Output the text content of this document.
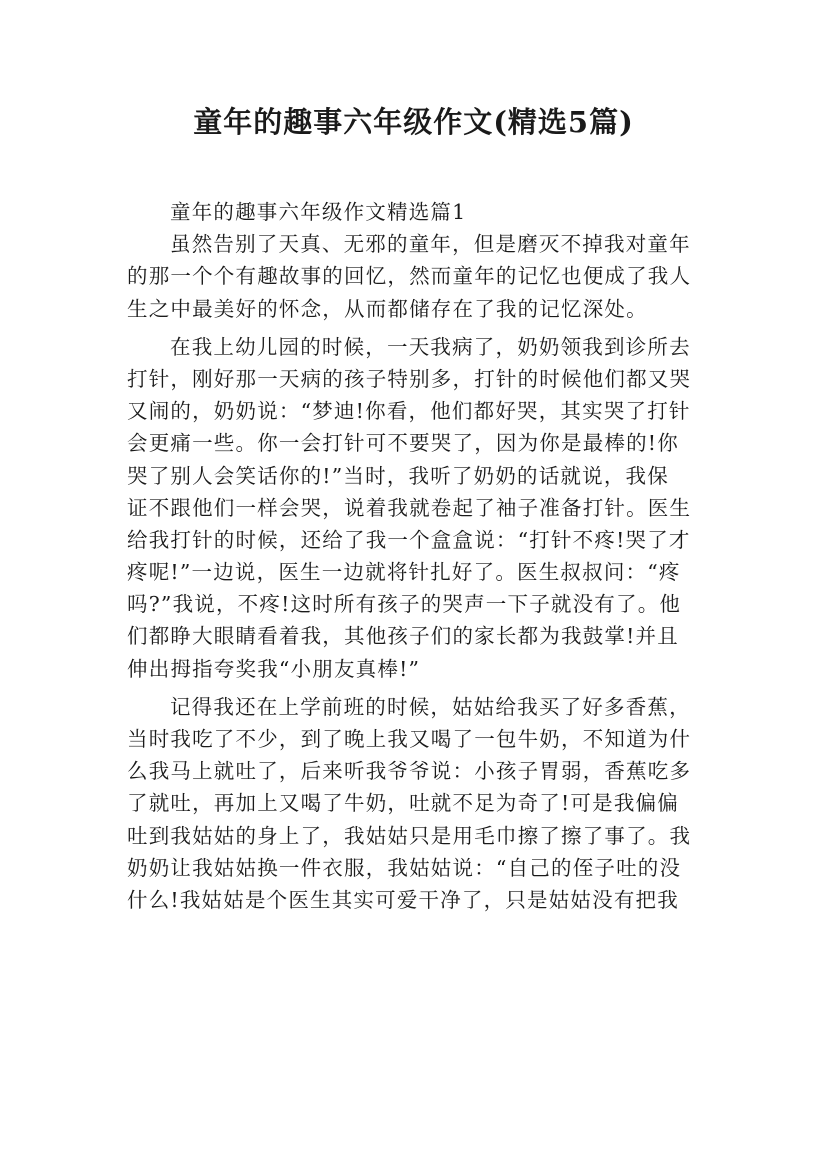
童年的趣事六年级作文(精选5篇)
童年的趣事六年级作文精选篇1
虽然告别了天真、无邪的童年，但是磨灭不掉我对童年
的那一个个有趣故事的回忆，然而童年的记忆也便成了我人
生之中最美好的怀念，从而都储存在了我的记忆深处。
在我上幼儿园的时候，一天我病了，奶奶领我到诊所去
打针，刚好那一天病的孩子特别多，打针的时候他们都又哭
又闹的，奶奶说：“梦迪!你看，他们都好哭，其实哭了打针
会更痛一些。你一会打针可不要哭了，因为你是最棒的!你
哭了别人会笑话你的!”当时，我听了奶奶的话就说，我保
证不跟他们一样会哭，说着我就卷起了袖子准备打针。医生
给我打针的时候，还给了我一个盒盒说：“打针不疼!哭了才
疼呢!”一边说，医生一边就将针扎好了。医生叔叔问：“疼
吗?”我说，不疼!这时所有孩子的哭声一下子就没有了。他
们都睁大眼睛看着我，其他孩子们的家长都为我鼓掌!并且
伸出拇指夸奖我“小朋友真棒!”
记得我还在上学前班的时候，姑姑给我买了好多香蕉，
当时我吃了不少，到了晚上我又喝了一包牛奶，不知道为什
么我马上就吐了，后来听我爷爷说：小孩子胃弱，香蕉吃多
了就吐，再加上又喝了牛奶，吐就不足为奇了!可是我偏偏
吐到我姑姑的身上了，我姑姑只是用毛巾擦了擦了事了。我
奶奶让我姑姑换一件衣服，我姑姑说：“自己的侄子吐的没
什么!我姑姑是个医生其实可爱干净了，只是姑姑没有把我
